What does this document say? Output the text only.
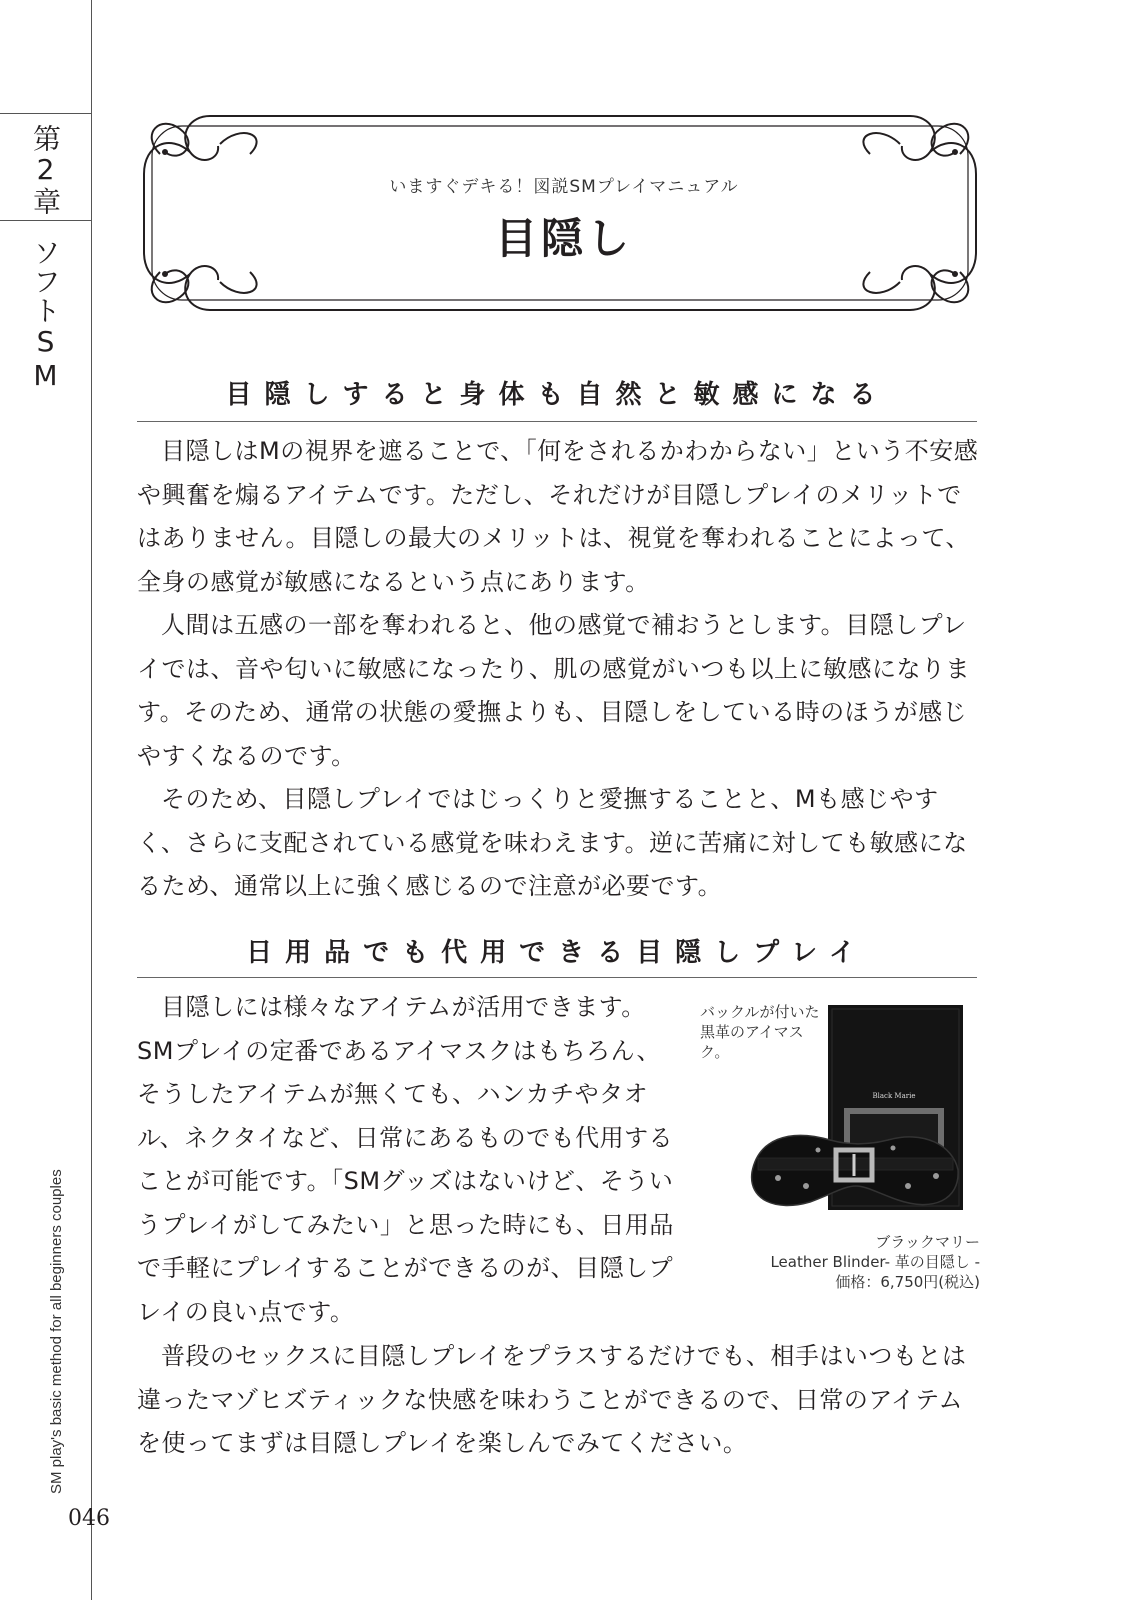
第2章
ソフトSM
SM play's basic method for all beginners couples
046
いますぐデキる！図説SMプレイマニュアル
目隠し
目隠しすると身体も自然と敏感になる

目隠しはMの視界を遮ることで、「何をされるかわからない」という不安感や興奮を煽るアイテムです。ただし、それだけが目隠しプレイのメリットではありません。目隠しの最大のメリットは、視覚を奪われることによって、全身の感覚が敏感になるという点にあります。

人間は五感の一部を奪われると、他の感覚で補おうとします。目隠しプレイでは、音や匂いに敏感になったり、肌の感覚がいつも以上に敏感になります。そのため、通常の状態の愛撫よりも、目隠しをしている時のほうが感じやすくなるのです。

そのため、目隠しプレイではじっくりと愛撫することと、Mも感じやすく、さらに支配されている感覚を味わえます。逆に苦痛に対しても敏感になるため、通常以上に強く感じるので注意が必要です。

日用品でも代用できる目隠しプレイ

目隠しには様々なアイテムが活用できます。SMプレイの定番であるアイマスクはもちろん、そうしたアイテムが無くても、ハンカチやタオル、ネクタイなど、日常にあるものでも代用することが可能です。「SMグッズはないけど、そういうプレイがしてみたい」と思った時にも、日用品で手軽にプレイすることができるのが、目隠しプレイの良い点です。

普段のセックスに目隠しプレイをプラスするだけでも、相手はいつもとは違ったマゾヒズティックな快感を味わうことができるので、日常のアイテムを使ってまずは目隠しプレイを楽しんでみてください。

バックルが付いた黒革のアイマスク。
Black Marie
ブラックマリー
Leather Blinder- 革の目隠し -
価格：6,750円(税込)
